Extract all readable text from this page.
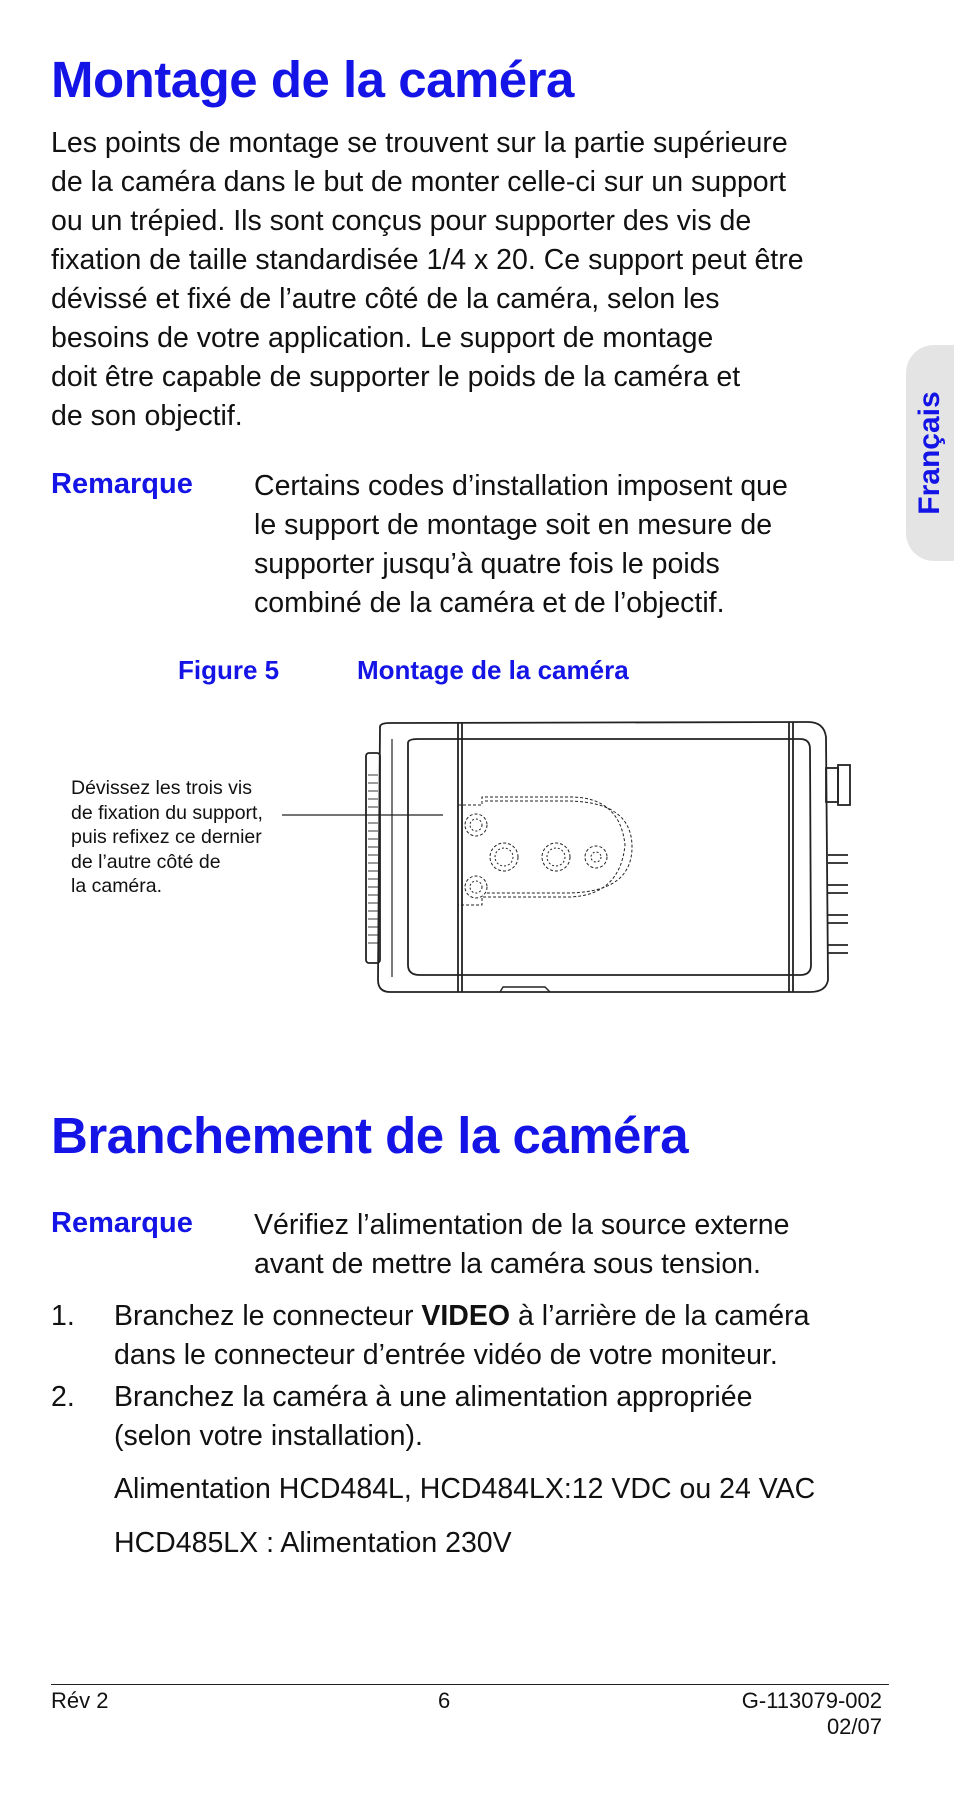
Français
Montage de la caméra

Les points de montage se trouvent sur la partie supérieure

de la caméra dans le but de monter celle-ci sur un support

ou un trépied. Ils sont conçus pour supporter des vis de

fixation de taille standardisée 1/4 x 20. Ce support peut être

dévissé et fixé de l’autre côté de la caméra, selon les

besoins de votre application. Le support de montage

doit être capable de supporter le poids de la caméra et

de son objectif.

Remarque Certains codes d’installation imposent que

le support de montage soit en mesure de

supporter jusqu’à quatre fois le poids

combiné de la caméra et de l’objectif.

Figure 5	Montage de la caméra

Dévissez les trois vis

de fixation du support,

puis refixez ce dernier

de l’autre côté de

la caméra.

Branchement de la caméra
Remarque Vérifiez l’alimentation de la source externe

avant de mettre la caméra sous tension.

1. Branchez le connecteur VIDEO à l’arrière de la caméra

dans le connecteur d’entrée vidéo de votre moniteur.

2. Branchez la caméra à une alimentation appropriée

(selon votre installation).

Alimentation HCD484L, HCD484LX:12 VDC ou 24 VAC

HCD485LX : Alimentation 230V

Rév 2	6	G-113079-002
02/07
